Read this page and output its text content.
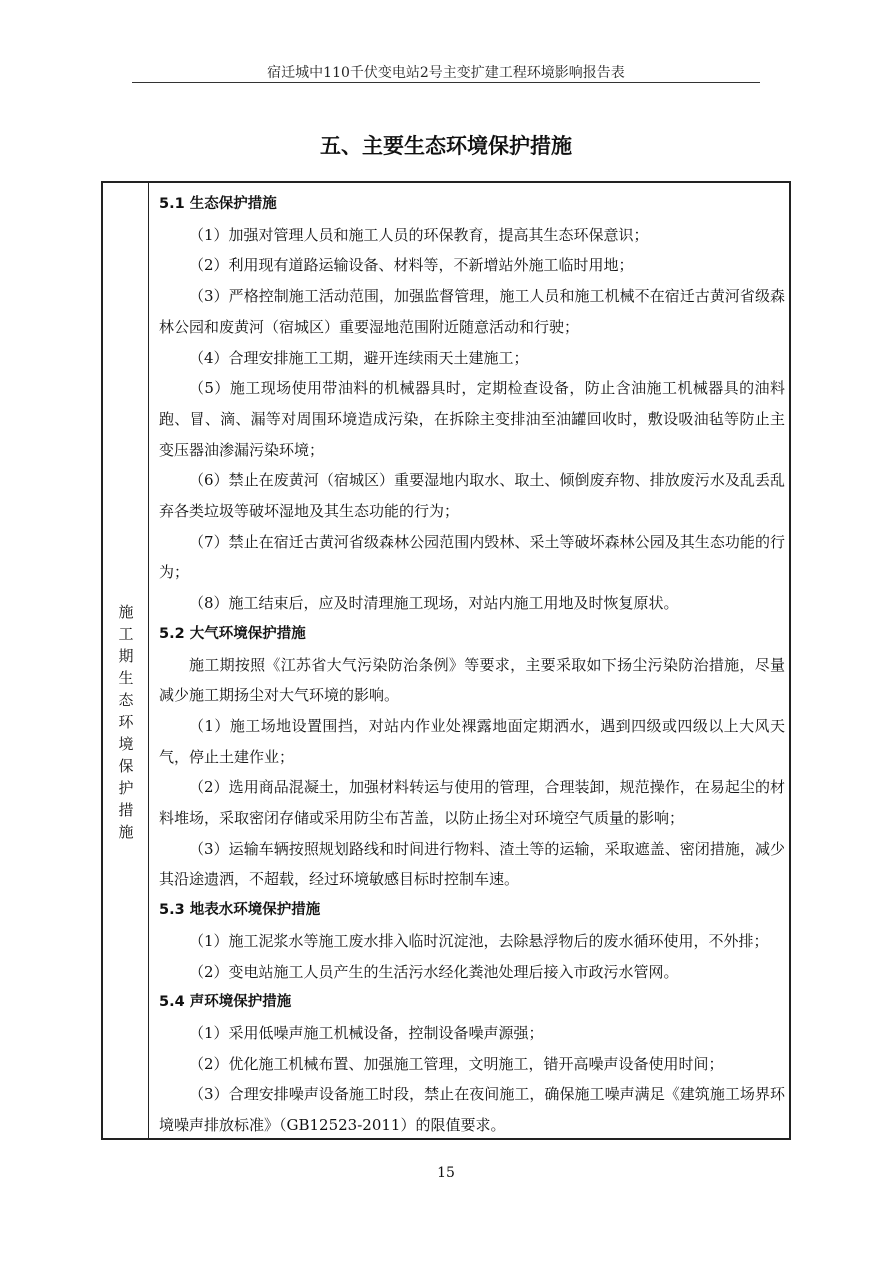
宿迁城中110千伏变电站2号主变扩建工程环境影响报告表
五、主要生态环境保护措施
施工期生态环境保护措施
5.1 生态保护措施

（1）加强对管理人员和施工人员的环保教育，提高其生态环保意识；

（2）利用现有道路运输设备、材料等，不新增站外施工临时用地；

（3）严格控制施工活动范围，加强监督管理，施工人员和施工机械不在宿迁古黄河省级森林公园和废黄河（宿城区）重要湿地范围附近随意活动和行驶；

（4）合理安排施工工期，避开连续雨天土建施工；

（5）施工现场使用带油料的机械器具时，定期检查设备，防止含油施工机械器具的油料跑、冒、滴、漏等对周围环境造成污染，在拆除主变排油至油罐回收时，敷设吸油毡等防止主变压器油渗漏污染环境；

（6）禁止在废黄河（宿城区）重要湿地内取水、取土、倾倒废弃物、排放废污水及乱丢乱弃各类垃圾等破坏湿地及其生态功能的行为；

（7）禁止在宿迁古黄河省级森林公园范围内毁林、采土等破坏森林公园及其生态功能的行为；

（8）施工结束后，应及时清理施工现场，对站内施工用地及时恢复原状。

5.2 大气环境保护措施

施工期按照《江苏省大气污染防治条例》等要求，主要采取如下扬尘污染防治措施，尽量减少施工期扬尘对大气环境的影响。

（1）施工场地设置围挡，对站内作业处裸露地面定期洒水，遇到四级或四级以上大风天气，停止土建作业；

（2）选用商品混凝土，加强材料转运与使用的管理，合理装卸，规范操作，在易起尘的材料堆场，采取密闭存储或采用防尘布苫盖，以防止扬尘对环境空气质量的影响；

（3）运输车辆按照规划路线和时间进行物料、渣土等的运输，采取遮盖、密闭措施，减少其沿途遗洒，不超载，经过环境敏感目标时控制车速。

5.3 地表水环境保护措施

（1）施工泥浆水等施工废水排入临时沉淀池，去除悬浮物后的废水循环使用，不外排；

（2）变电站施工人员产生的生活污水经化粪池处理后接入市政污水管网。

5.4 声环境保护措施

（1）采用低噪声施工机械设备，控制设备噪声源强；

（2）优化施工机械布置、加强施工管理，文明施工，错开高噪声设备使用时间；

（3）合理安排噪声设备施工时段，禁止在夜间施工，确保施工噪声满足《建筑施工场界环境噪声排放标准》（GB12523-2011）的限值要求。

15
